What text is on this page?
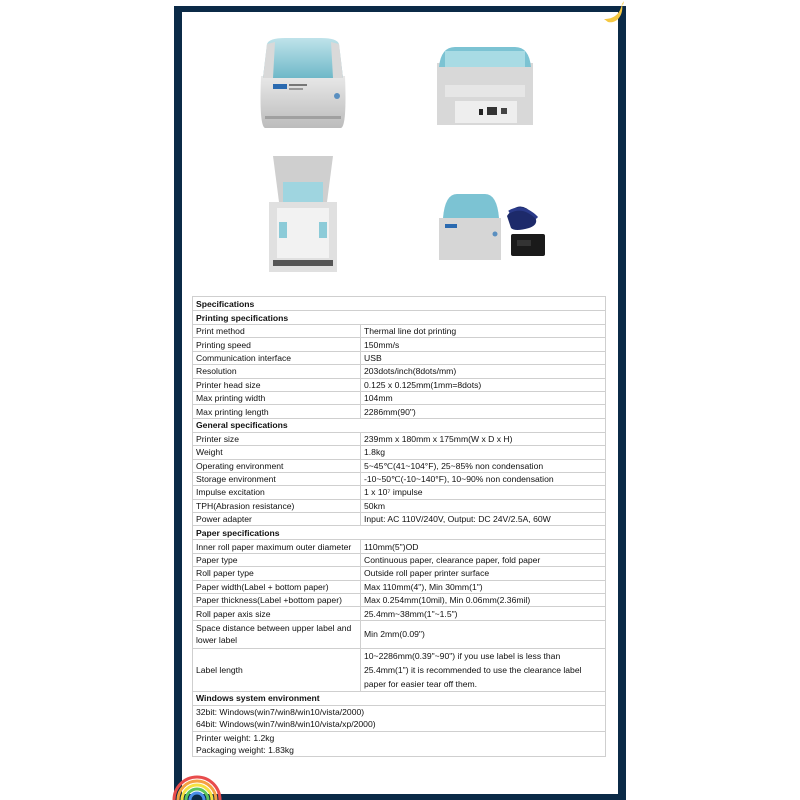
Specifications	
Printing specifications	
Print method	Thermal line dot printing
Printing speed	150mm/s
Communication interface	USB
Resolution	203dots/inch(8dots/mm)
Printer head size	0.125 x 0.125mm(1mm=8dots)
Max printing width	104mm
Max printing length	2286mm(90")
General specifications	
Printer size	239mm x 180mm x 175mm(W x D x H)
Weight	1.8kg
Operating environment	5~45℃(41~104°F), 25~85% non condensation
Storage environment	-10~50℃(-10~140°F), 10~90% non condensation
Impulse excitation	1 x 10⁷ impulse
TPH(Abrasion resistance)	50km
Power adapter	Input: AC 110V/240V, Output: DC 24V/2.5A, 60W
Paper specifications	
Inner roll paper maximum outer diameter	110mm(5")OD
Paper type	Continuous paper, clearance paper, fold paper
Roll paper type	Outside roll paper printer surface
Paper width(Label + bottom paper)	Max 110mm(4"), Min 30mm(1")
Paper thickness(Label +bottom paper)	Max 0.254mm(10mil), Min 0.06mm(2.36mil)
Roll paper axis size	25.4mm~38mm(1"~1.5")
Space distance between upper label and lower label	Min 2mm(0.09")
Label length	10~2286mm(0.39"~90") if you use label is less than 25.4mm(1") it is recommended to use the clearance label paper for easier tear off them.

Windows system environment	
32bit: Windows(win7/win8/win10/vista/2000)	
64bit: Windows(win7/win8/win10/vista/xp/2000)	
Printer weight: 1.2kg	
Packaging weight: 1.83kg	
